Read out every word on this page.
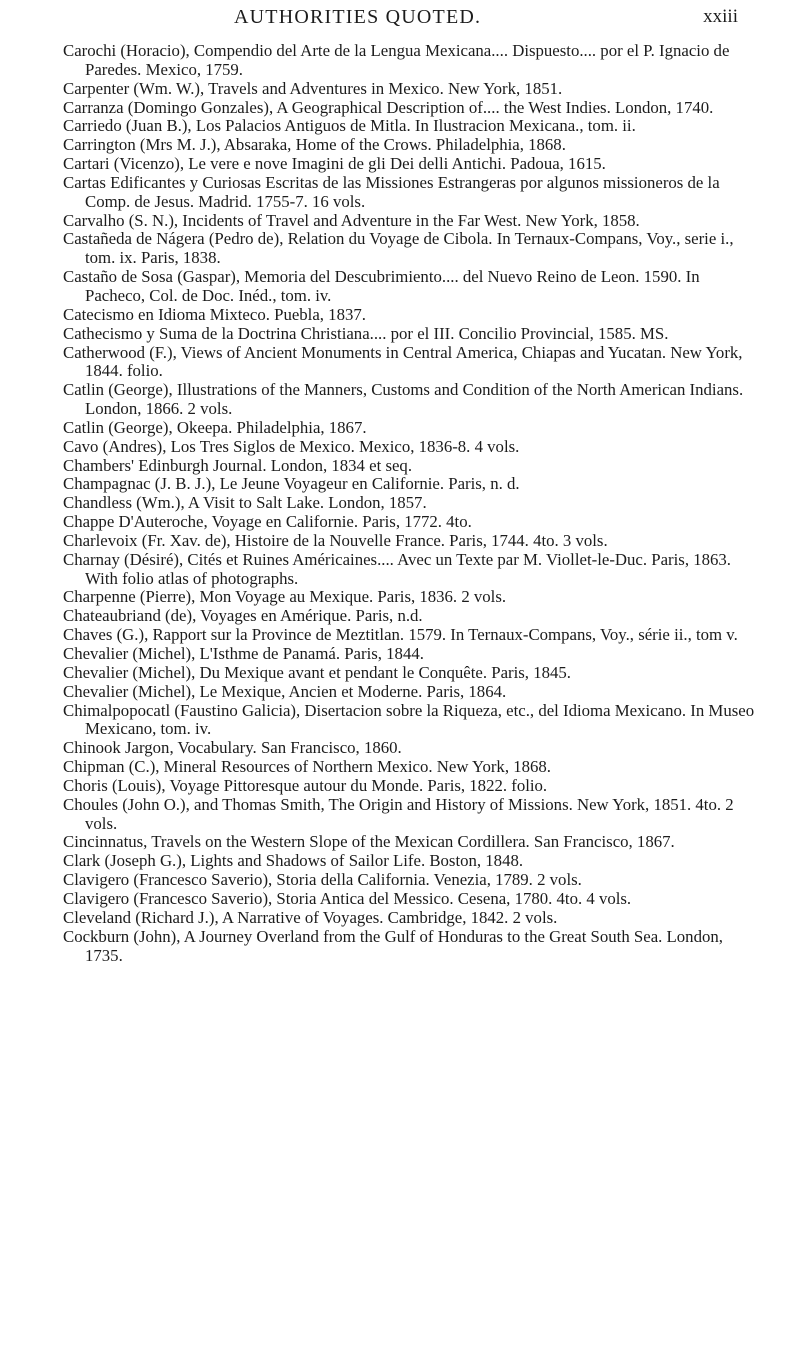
AUTHORITIES QUOTED.	xxiii
Carochi (Horacio), Compendio del Arte de la Lengua Mexicana.... Dispuesto.... por el P. Ignacio de Paredes. Mexico, 1759.
Carpenter (Wm. W.), Travels and Adventures in Mexico. New York, 1851.
Carranza (Domingo Gonzales), A Geographical Description of.... the West Indies. London, 1740.
Carriedo (Juan B.), Los Palacios Antiguos de Mitla. In Ilustracion Mexicana., tom. ii.
Carrington (Mrs M. J.), Absaraka, Home of the Crows. Philadelphia, 1868.
Cartari (Vicenzo), Le vere e nove Imagini de gli Dei delli Antichi. Padoua, 1615.
Cartas Edificantes y Curiosas Escritas de las Missiones Estrangeras por algunos missioneros de la Comp. de Jesus. Madrid. 1755-7. 16 vols.
Carvalho (S. N.), Incidents of Travel and Adventure in the Far West. New York, 1858.
Castañeda de Nágera (Pedro de), Relation du Voyage de Cibola. In Ternaux-Compans, Voy., serie i., tom. ix. Paris, 1838.
Castaño de Sosa (Gaspar), Memoria del Descubrimiento.... del Nuevo Reino de Leon. 1590. In Pacheco, Col. de Doc. Inéd., tom. iv.
Catecismo en Idioma Mixteco. Puebla, 1837.
Cathecismo y Suma de la Doctrina Christiana.... por el III. Concilio Provincial, 1585. MS.
Catherwood (F.), Views of Ancient Monuments in Central America, Chiapas and Yucatan. New York, 1844. folio.
Catlin (George), Illustrations of the Manners, Customs and Condition of the North American Indians. London, 1866. 2 vols.
Catlin (George), Okeepa. Philadelphia, 1867.
Cavo (Andres), Los Tres Siglos de Mexico. Mexico, 1836-8. 4 vols.
Chambers' Edinburgh Journal. London, 1834 et seq.
Champagnac (J. B. J.), Le Jeune Voyageur en Californie. Paris, n. d.
Chandless (Wm.), A Visit to Salt Lake. London, 1857.
Chappe D'Auteroche, Voyage en Californie. Paris, 1772. 4to.
Charlevoix (Fr. Xav. de), Histoire de la Nouvelle France. Paris, 1744. 4to. 3 vols.
Charnay (Désiré), Cités et Ruines Américaines.... Avec un Texte par M. Viollet-le-Duc. Paris, 1863. With folio atlas of photographs.
Charpenne (Pierre), Mon Voyage au Mexique. Paris, 1836. 2 vols.
Chateaubriand (de), Voyages en Amérique. Paris, n.d.
Chaves (G.), Rapport sur la Province de Meztitlan. 1579. In Ternaux-Compans, Voy., série ii., tom v.
Chevalier (Michel), L'Isthme de Panamá. Paris, 1844.
Chevalier (Michel), Du Mexique avant et pendant le Conquête. Paris, 1845.
Chevalier (Michel), Le Mexique, Ancien et Moderne. Paris, 1864.
Chimalpopocatl (Faustino Galicia), Disertacion sobre la Riqueza, etc., del Idioma Mexicano. In Museo Mexicano, tom. iv.
Chinook Jargon, Vocabulary. San Francisco, 1860.
Chipman (C.), Mineral Resources of Northern Mexico. New York, 1868.
Choris (Louis), Voyage Pittoresque autour du Monde. Paris, 1822. folio.
Choules (John O.), and Thomas Smith, The Origin and History of Missions. New York, 1851. 4to. 2 vols.
Cincinnatus, Travels on the Western Slope of the Mexican Cordillera. San Francisco, 1867.
Clark (Joseph G.), Lights and Shadows of Sailor Life. Boston, 1848.
Clavigero (Francesco Saverio), Storia della California. Venezia, 1789. 2 vols.
Clavigero (Francesco Saverio), Storia Antica del Messico. Cesena, 1780. 4to. 4 vols.
Cleveland (Richard J.), A Narrative of Voyages. Cambridge, 1842. 2 vols.
Cockburn (John), A Journey Overland from the Gulf of Honduras to the Great South Sea. London, 1735.
